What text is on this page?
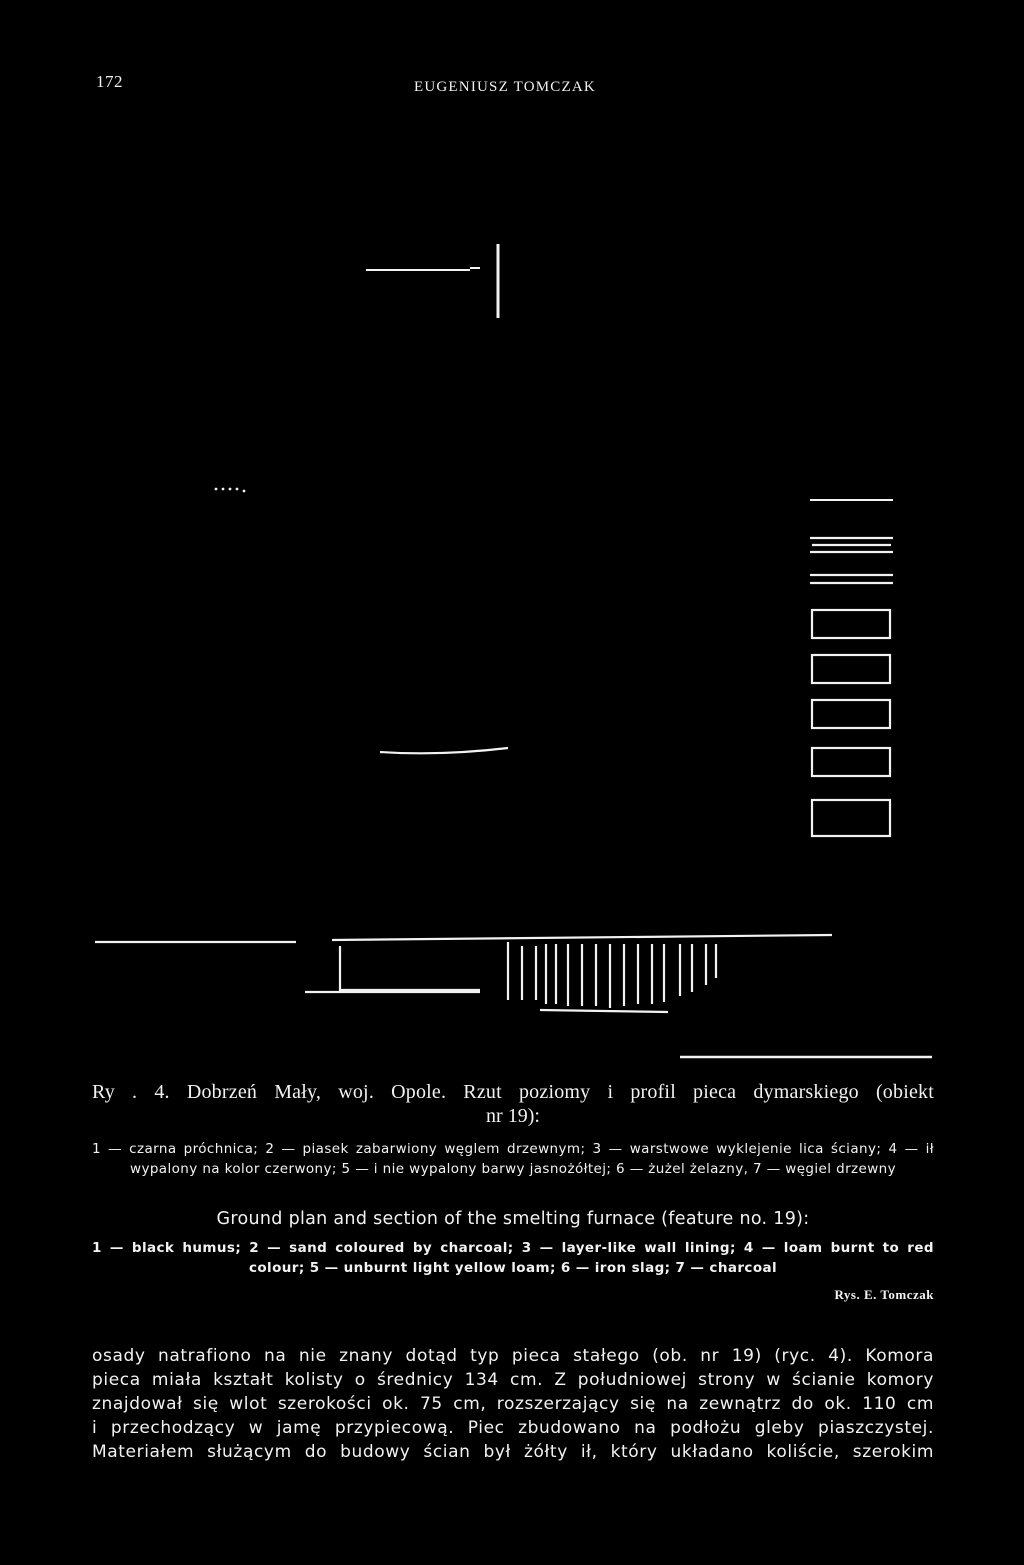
172	EUGENIUSZ TOMCZAK
Ry . 4. Dobrzeń Mały, woj. Opole. Rzut poziomy i profil pieca dymarskiego (obiekt
nr 19):
1 — czarna próchnica; 2 — piasek zabarwiony węglem drzewnym; 3 — warstwowe wyklejenie lica ściany; 4 — ił wypalony na kolor czerwony; 5 — i nie wypalony barwy jasnożółtej; 6 — żużel żelazny, 7 — węgiel drzewny
Ground plan and section of the smelting furnace (feature no. 19):
1 — black humus; 2 — sand coloured by charcoal; 3 — layer-like wall lining; 4 — loam burnt to red colour; 5 — unburnt light yellow loam; 6 — iron slag; 7 — charcoal
Rys. E. Tomczak
osady natrafiono na nie znany dotąd typ pieca stałego (ob. nr 19) (ryc. 4). Komora
pieca miała kształt kolisty o średnicy 134 cm. Z południowej strony w ścianie komory
znajdował się wlot szerokości ok. 75 cm, rozszerzający się na zewnątrz do ok. 110 cm
i przechodzący w jamę przypiecową. Piec zbudowano na podłożu gleby piaszczystej.
Materiałem służącym do budowy ścian był żółty ił, który układano koliście, szerokim
